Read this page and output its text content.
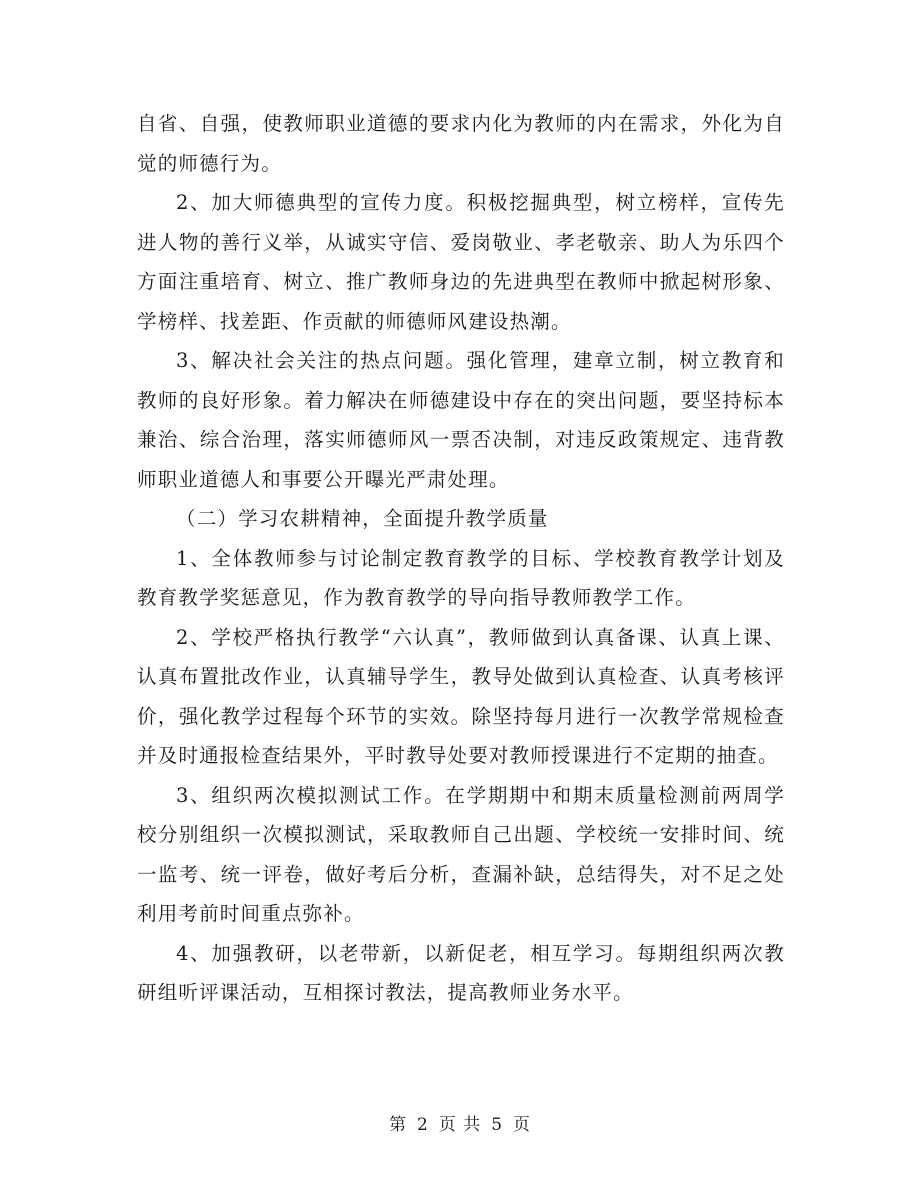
自省、自强，使教师职业道德的要求内化为教师的内在需求，外化为自觉的师德行为。

2、加大师德典型的宣传力度。积极挖掘典型，树立榜样，宣传先进人物的善行义举，从诚实守信、爱岗敬业、孝老敬亲、助人为乐四个方面注重培育、树立、推广教师身边的先进典型在教师中掀起树形象、学榜样、找差距、作贡献的师德师风建设热潮。

3、解决社会关注的热点问题。强化管理，建章立制，树立教育和教师的良好形象。着力解决在师德建设中存在的突出问题，要坚持标本兼治、综合治理，落实师德师风一票否决制，对违反政策规定、违背教师职业道德人和事要公开曝光严肃处理。

（二）学习农耕精神，全面提升教学质量

1、全体教师参与讨论制定教育教学的目标、学校教育教学计划及教育教学奖惩意见，作为教育教学的导向指导教师教学工作。

2、学校严格执行教学“六认真”，教师做到认真备课、认真上课、认真布置批改作业，认真辅导学生，教导处做到认真检查、认真考核评价，强化教学过程每个环节的实效。除坚持每月进行一次教学常规检查并及时通报检查结果外，平时教导处要对教师授课进行不定期的抽查。

3、组织两次模拟测试工作。在学期期中和期末质量检测前两周学校分别组织一次模拟测试，采取教师自己出题、学校统一安排时间、统一监考、统一评卷，做好考后分析，查漏补缺，总结得失，对不足之处利用考前时间重点弥补。

4、加强教研，以老带新，以新促老，相互学习。每期组织两次教研组听评课活动，互相探讨教法，提高教师业务水平。

第 2 页 共 5 页
